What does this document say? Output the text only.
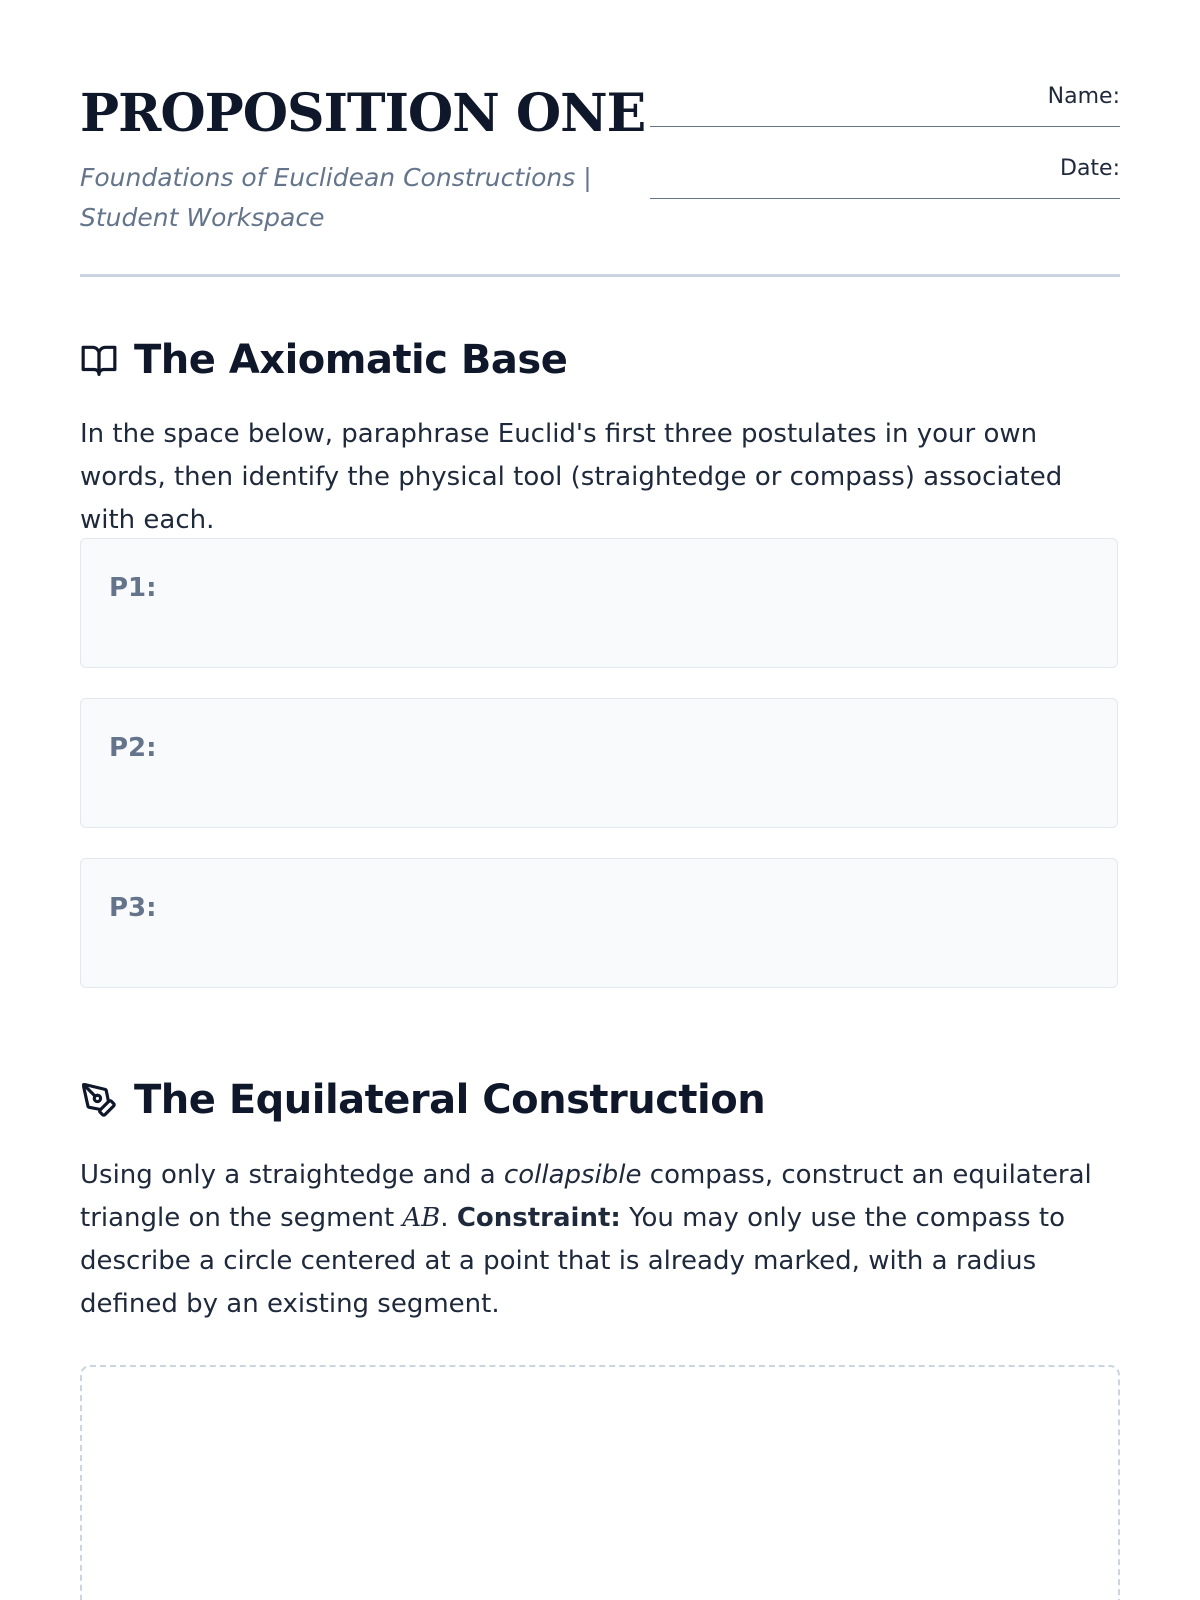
PROPOSITION ONE
Foundations of Euclidean Constructions | Student Workspace
Name:
Date:
The Axiomatic Base

In the space below, paraphrase Euclid's first three postulates in your own words, then identify the physical tool (straightedge or compass) associated with each.

P1:
P2:
P3:
The Equilateral Construction

Using only a straightedge and a collapsible compass, construct an equilateral triangle on the segment AB. Constraint: You may only use the compass to describe a circle centered at a point that is already marked, with a radius defined by an existing segment.
